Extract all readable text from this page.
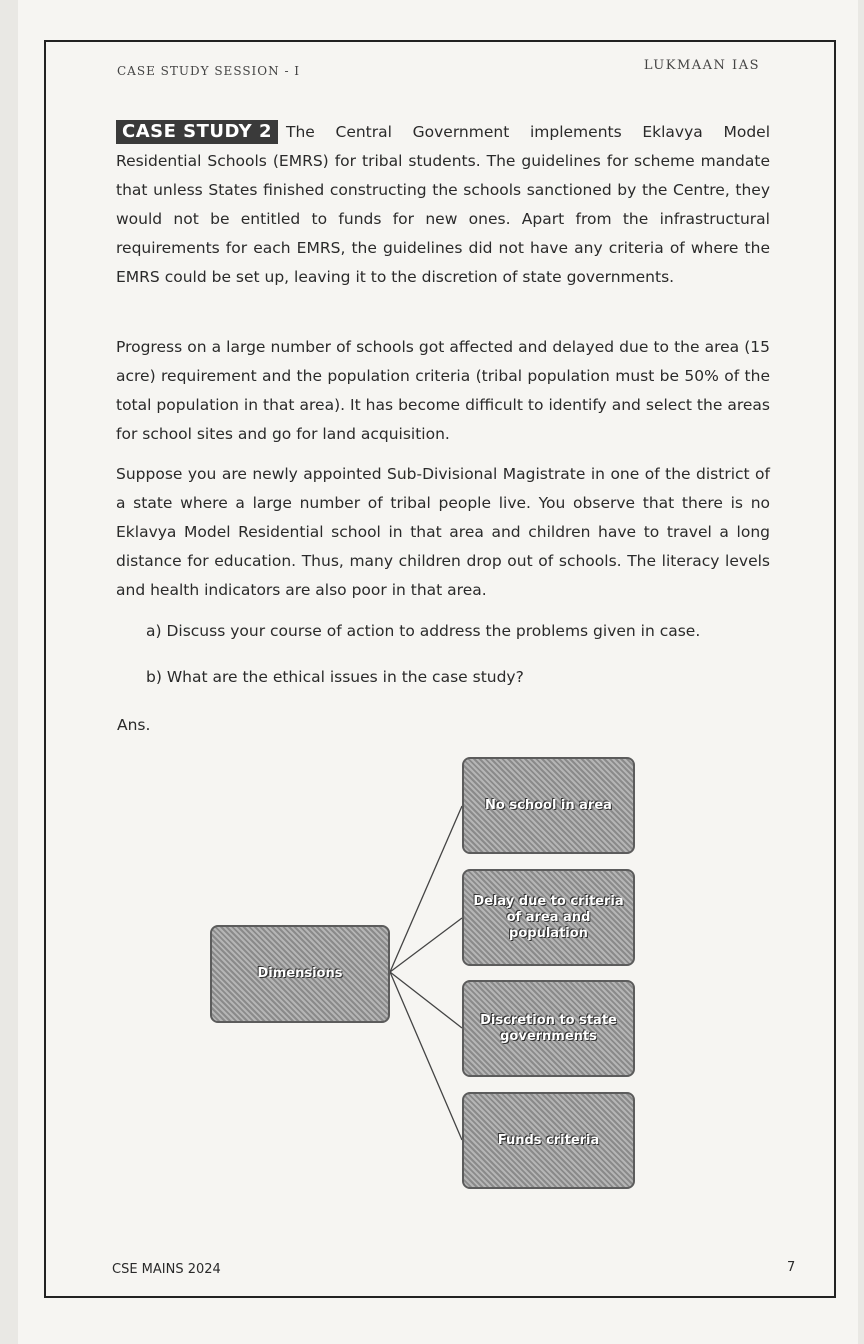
CASE STUDY SESSION - I	LUKMAAN IAS
CASE STUDY 2 The Central Government implements Eklavya Model Residential Schools (EMRS) for tribal students. The guidelines for scheme mandate that unless States finished constructing the schools sanctioned by the Centre, they would not be entitled to funds for new ones. Apart from the infrastructural requirements for each EMRS, the guidelines did not have any criteria of where the EMRS could be set up, leaving it to the discretion of state governments.
Progress on a large number of schools got affected and delayed due to the area (15 acre) requirement and the population criteria (tribal population must be 50% of the total population in that area). It has become difficult to identify and select the areas for school sites and go for land acquisition.
Suppose you are newly appointed Sub-Divisional Magistrate in one of the district of a state where a large number of tribal people live. You observe that there is no Eklavya Model Residential school in that area and children have to travel a long distance for education. Thus, many children drop out of schools. The literacy levels and health indicators are also poor in that area.
a) Discuss your course of action to address the problems given in case.
b) What are the ethical issues in the case study?
Ans.
Dimensions
No school in area
Delay due to criteria of area and population
Discretion to state governments
Funds criteria
CSE MAINS 2024	7
